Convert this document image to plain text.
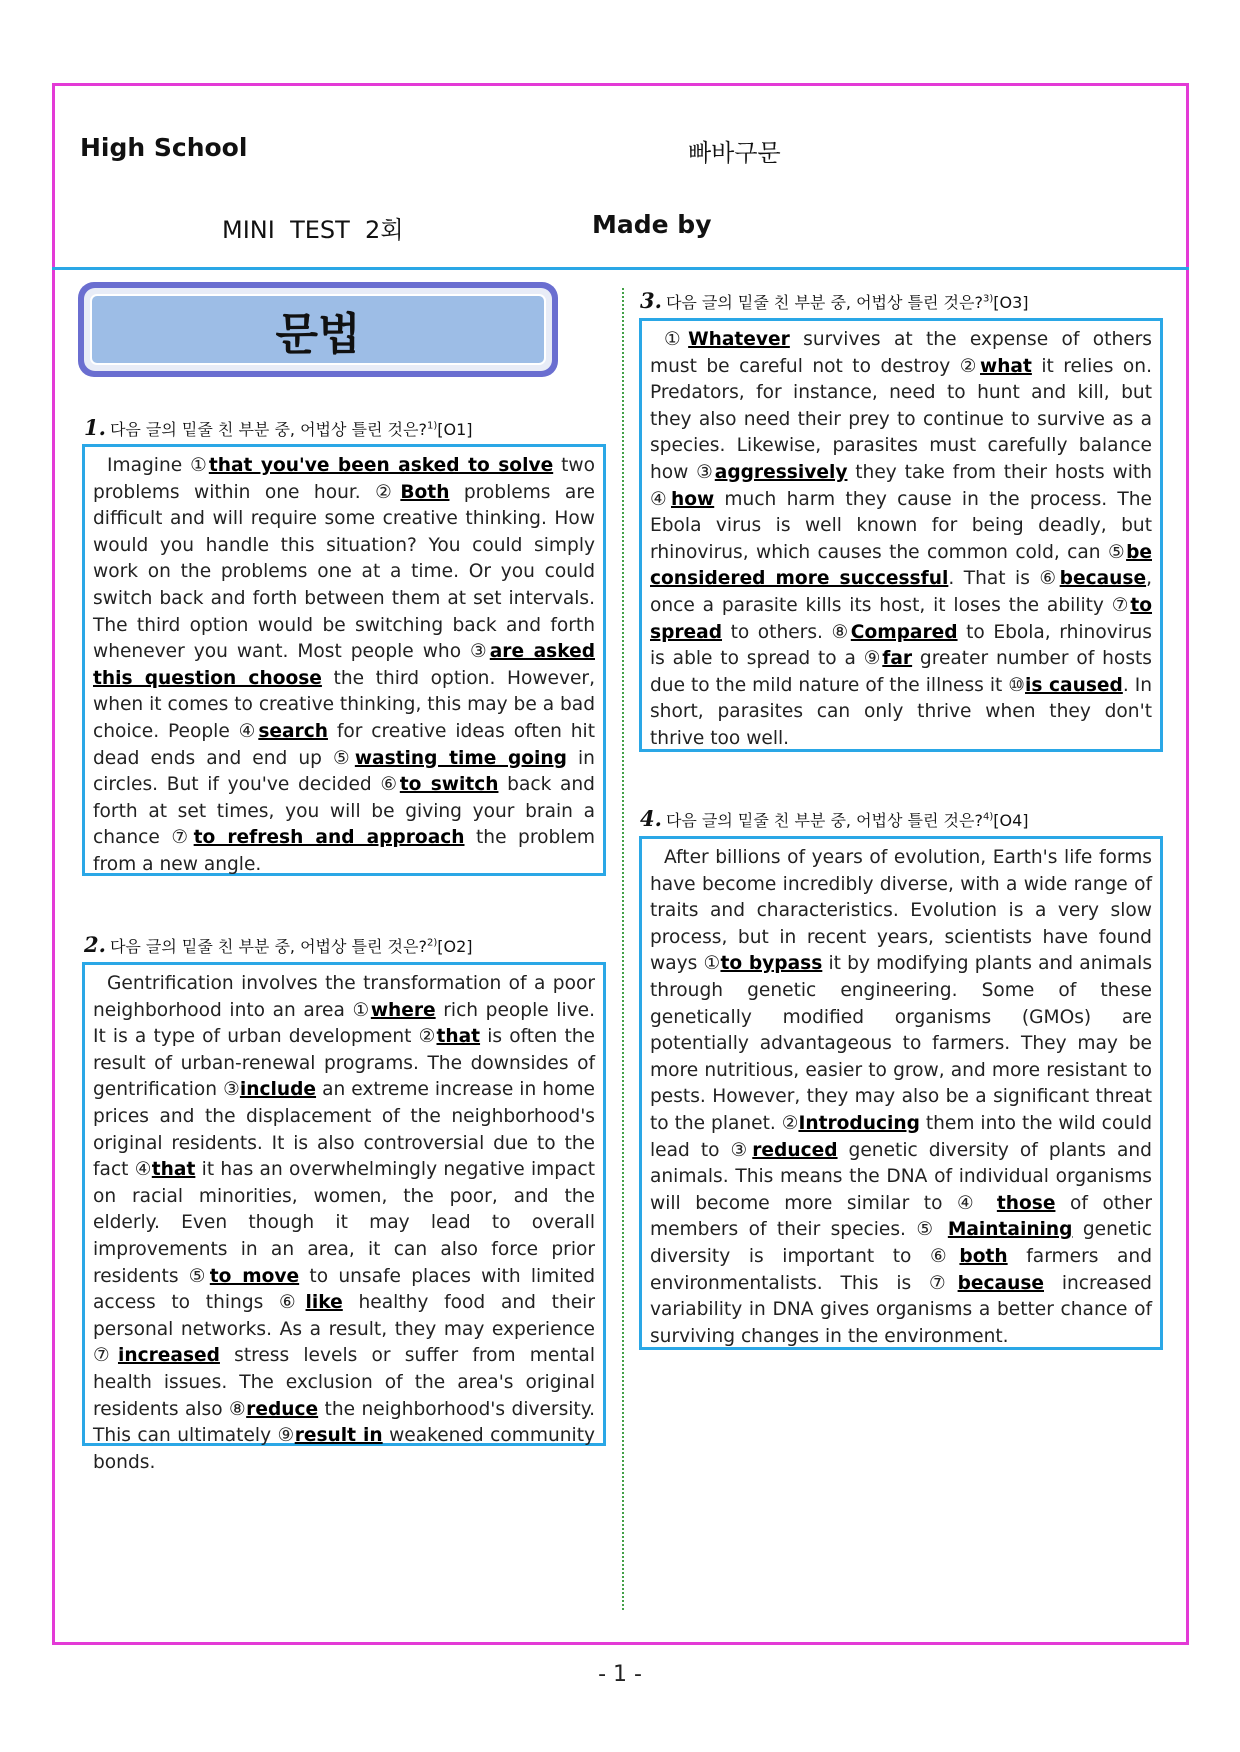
High School	빠바구문
MINI  TEST  2회	Made by
문법
1. 다음 글의 밑줄 친 부분 중, 어법상 틀린 것은?$^{1)}$[O1]
Imagine ①that you've been asked to solve two problems within one hour. ②Both problems are difficult and will require some creative thinking. How would you handle this situation? You could simply work on the problems one at a time. Or you could switch back and forth between them at set intervals. The third option would be switching back and forth whenever you want. Most people who ③are asked this question choose the third option. However, when it comes to creative thinking, this may be a bad choice. People ④search for creative ideas often hit dead ends and end up ⑤wasting time going in circles. But if you've decided ⑥to switch back and forth at set times, you will be giving your brain a chance ⑦to refresh and approach the problem from a new angle.
2. 다음 글의 밑줄 친 부분 중, 어법상 틀린 것은?$^{2)}$[O2]
Gentrification involves the transformation of a poor neighborhood into an area ①where rich people live. It is a type of urban development ②that is often the result of urban-renewal programs. The downsides of gentrification ③include an extreme increase in home prices and the displacement of the neighborhood's original residents. It is also controversial due to the fact ④that it has an overwhelmingly negative impact on racial minorities, women, the poor, and the elderly. Even though it may lead to overall improvements in an area, it can also force prior residents ⑤to move to unsafe places with limited access to things ⑥like healthy food and their personal networks. As a result, they may experience ⑦increased stress levels or suffer from mental health issues. The exclusion of the area's original residents also ⑧reduce the neighborhood's diversity. This can ultimately ⑨result in weakened community bonds.
3. 다음 글의 밑줄 친 부분 중, 어법상 틀린 것은?$^{3)}$[O3]
①Whatever survives at the expense of others must be careful not to destroy ②what it relies on. Predators, for instance, need to hunt and kill, but they also need their prey to continue to survive as a species. Likewise, parasites must carefully balance how ③aggressively they take from their hosts with ④how much harm they cause in the process. The Ebola virus is well known for being deadly, but rhinovirus, which causes the common cold, can ⑤be considered more successful. That is ⑥because, once a parasite kills its host, it loses the ability ⑦to spread to others. ⑧Compared to Ebola, rhinovirus is able to spread to a ⑨far greater number of hosts due to the mild nature of the illness it ⑩is caused. In short, parasites can only thrive when they don't thrive too well.
4. 다음 글의 밑줄 친 부분 중, 어법상 틀린 것은?$^{4)}$[O4]
After billions of years of evolution, Earth's life forms have become incredibly diverse, with a wide range of traits and characteristics. Evolution is a very slow process, but in recent years, scientists have found ways ①to bypass it by modifying plants and animals through genetic engineering. Some of these genetically modified organisms (GMOs) are potentially advantageous to farmers. They may be more nutritious, easier to grow, and more resistant to pests. However, they may also be a significant threat to the planet. ②Introducing them into the wild could lead to ③reduced genetic diversity of plants and animals. This means the DNA of individual organisms will become more similar to ④ those of other members of their species. ⑤ Maintaining genetic diversity is important to ⑥both farmers and environmentalists. This is ⑦because increased variability in DNA gives organisms a better chance of surviving changes in the environment.
- 1 -
